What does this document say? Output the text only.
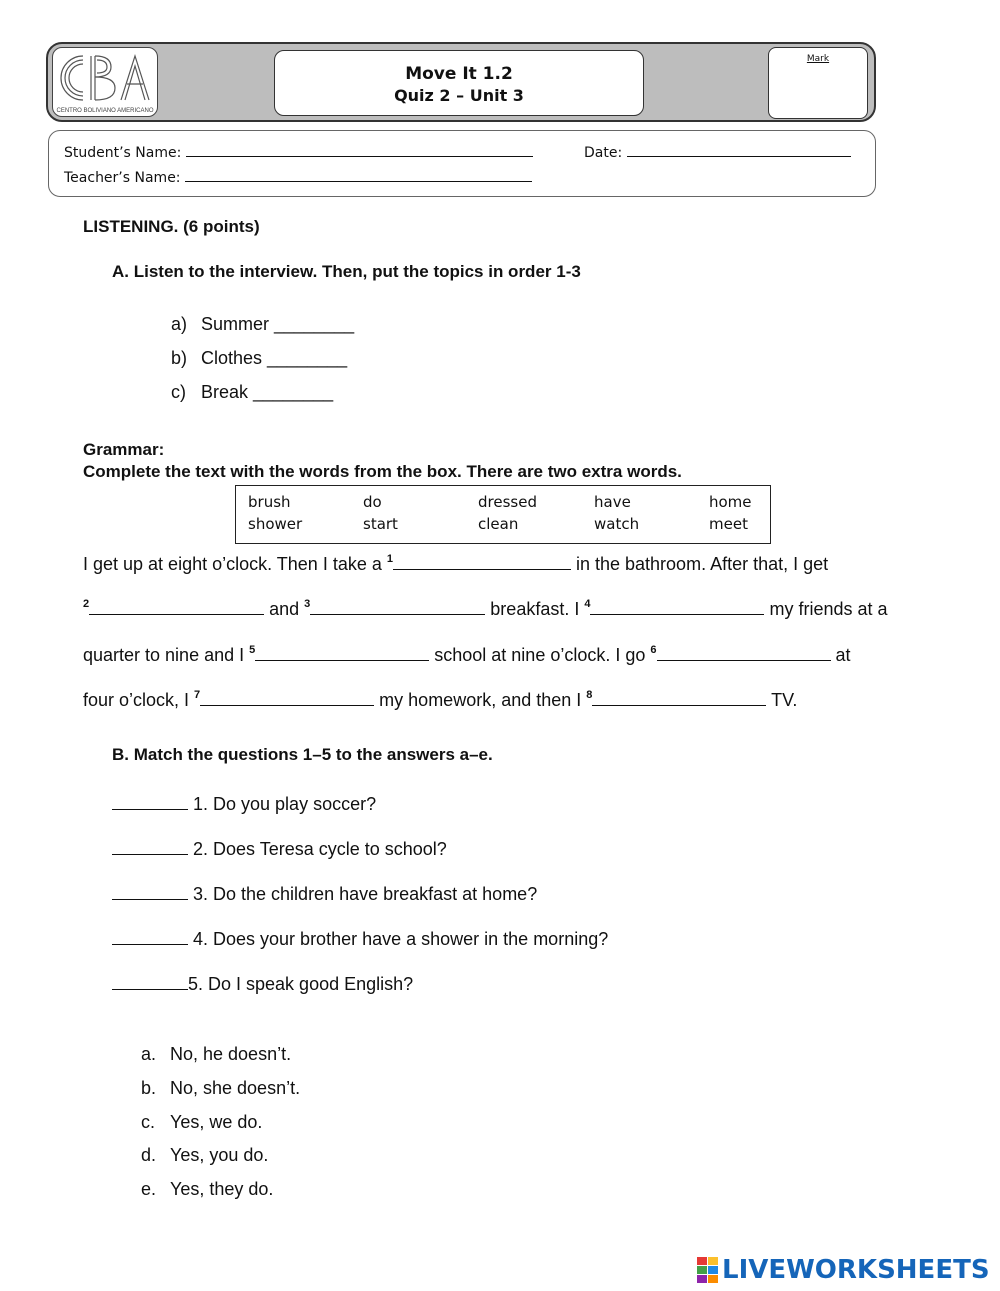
CENTRO BOLIVIANO AMERICANO
Move It 1.2
Quiz 2 – Unit 3
Mark
Student’s Name:	Date:
Teacher’s Name:
LISTENING. (6 points)
A. Listen to the interview. Then, put the topics in order 1-3
a) Summer ________
b) Clothes ________
c) Break ________
Grammar:
Complete the text with the words from the box. There are two extra words.
brush	do	dressed	have	home
shower	start	clean	watch	meet
I get up at eight o’clock. Then I take a $^1$	in the bathroom. After that, I get
$^2$	and $^3$	breakfast. I $^4$	my friends at a
quarter to nine and I $^5$	school at nine o’clock. I go $^6$	at
four o’clock, I $^7$	my homework, and then I $^8$	TV.
B. Match the questions 1–5 to the answers a–e.
1. Do you play soccer?
2. Does Teresa cycle to school?
3. Do the children have breakfast at home?
4. Does your brother have a shower in the morning?
5. Do I speak good English?
a. No, he doesn’t.
b. No, she doesn’t.
c. Yes, we do.
d. Yes, you do.
e. Yes, they do.
LIVEWORKSHEETS
